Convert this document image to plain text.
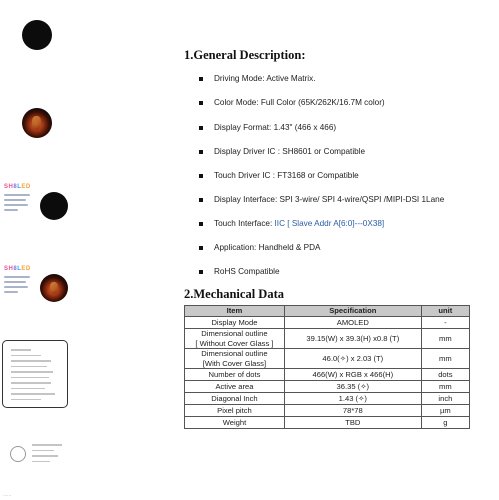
SH8LED
SH8LED
......
1.General Description:
Driving Mode: Active Matrix.
Color Mode: Full Color (65K/262K/16.7M color)
Display Format: 1.43" (466 x 466)
Display Driver IC : SH8601 or Compatible
Touch Driver IC : FT3168 or Compatible
Display Interface: SPI 3-wire/ SPI 4-wire/QSPI /MIPI-DSI 1Lane
Touch Interface: IIC [ Slave Addr A[6:0]---0X38]
Application: Handheld & PDA
RoHS Compatible
2.Mechanical Data
Item	Specification	unit
Display Mode	AMOLED	-
Dimensional outline
[ Without Cover Glass ]	39.15(W) x 39.3(H) x0.8 (T)	mm
Dimensional outline
[With Cover Glass]	46.0(✧) x 2.03 (T)	mm
Number of dots	466(W) x RGB x 466(H)	dots
Active area	36.35 (✧)	mm
Diagonal Inch	1.43 (✧)	inch
Pixel pitch	78*78	µm
Weight	TBD	g
